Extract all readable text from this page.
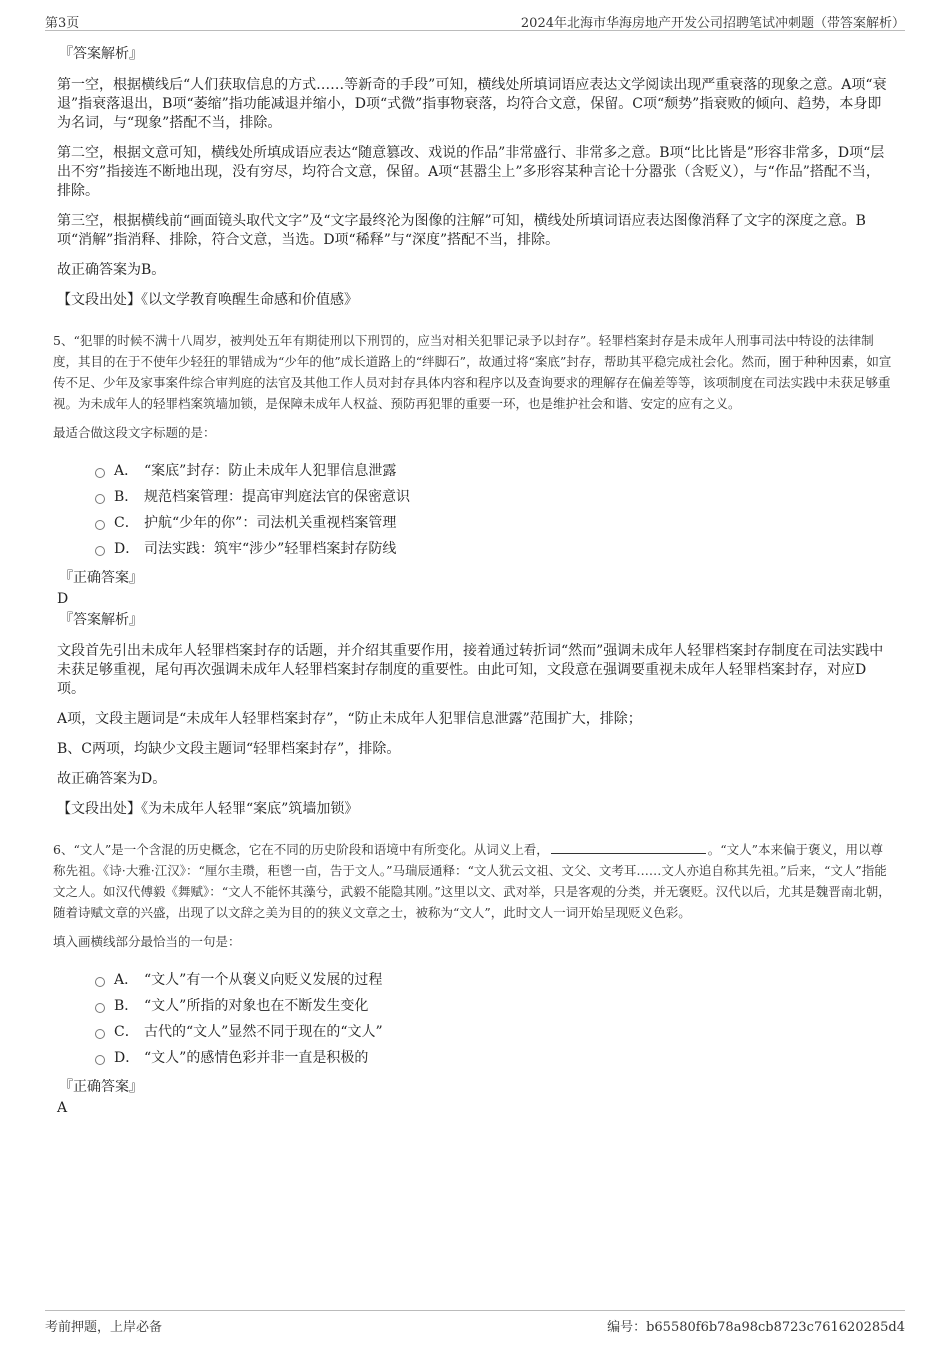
第3页	2024年北海市华海房地产开发公司招聘笔试冲刺题（带答案解析）
『答案解析』

第一空，根据横线后“人们获取信息的方式……等新奇的手段”可知，横线处所填词语应表达文学阅读出现严重衰落的现象之意。A项“衰退”指衰落退出，B项“萎缩”指功能减退并缩小，D项“式微”指事物衰落，均符合文意，保留。C项“颓势”指衰败的倾向、趋势，本身即为名词，与“现象”搭配不当，排除。

第二空，根据文意可知，横线处所填成语应表达“随意篡改、戏说的作品”非常盛行、非常多之意。B项“比比皆是”形容非常多，D项“层出不穷”指接连不断地出现，没有穷尽，均符合文意，保留。A项“甚嚣尘上”多形容某种言论十分嚣张（含贬义），与“作品”搭配不当，排除。

第三空，根据横线前“画面镜头取代文字”及“文字最终沦为图像的注解”可知，横线处所填词语应表达图像消释了文字的深度之意。B项“消解”指消释、排除，符合文意，当选。D项“稀释”与“深度”搭配不当，排除。

故正确答案为B。

【文段出处】《以文学教育唤醒生命感和价值感》

5、“犯罪的时候不满十八周岁，被判处五年有期徒刑以下刑罚的，应当对相关犯罪记录予以封存”。轻罪档案封存是未成年人刑事司法中特设的法律制度，其目的在于不使年少轻狂的罪错成为“少年的他”成长道路上的“绊脚石”，故通过将“案底”封存，帮助其平稳完成社会化。然而，囿于种种因素，如宣传不足、少年及家事案件综合审判庭的法官及其他工作人员对封存具体内容和程序以及查询要求的理解存在偏差等等，该项制度在司法实践中未获足够重视。为未成年人的轻罪档案筑墙加锁，是保障未成年人权益、预防再犯罪的重要一环，也是维护社会和谐、安定的应有之义。

最适合做这段文字标题的是：

A． “案底”封存：防止未成年人犯罪信息泄露
B． 规范档案管理：提高审判庭法官的保密意识
C． 护航“少年的你”：司法机关重视档案管理
D． 司法实践：筑牢“涉少”轻罪档案封存防线
『正确答案』
D
『答案解析』

文段首先引出未成年人轻罪档案封存的话题，并介绍其重要作用，接着通过转折词“然而”强调未成年人轻罪档案封存制度在司法实践中未获足够重视，尾句再次强调未成年人轻罪档案封存制度的重要性。由此可知，文段意在强调要重视未成年人轻罪档案封存，对应D项。

A项，文段主题词是“未成年人轻罪档案封存”，“防止未成年人犯罪信息泄露”范围扩大，排除；

B、C两项，均缺少文段主题词“轻罪档案封存”，排除。

故正确答案为D。

【文段出处】《为未成年人轻罪“案底”筑墙加锁》

6、“文人”是一个含混的历史概念，它在不同的历史阶段和语境中有所变化。从词义上看，	。“文人”本来偏于褒义，用以尊称先祖。《诗·大雅·江汉》：“厘尔圭瓒，秬鬯一卣，告于文人。”马瑞辰通释：“文人犹云文祖、文父、文考耳……文人亦追自称其先祖。”后来，“文人”指能文之人。如汉代傅毅《舞赋》：“文人不能怀其藻兮，武毅不能隐其刚。”这里以文、武对举，只是客观的分类，并无褒贬。汉代以后，尤其是魏晋南北朝，随着诗赋文章的兴盛，出现了以文辞之美为目的的狭义文章之士，被称为“文人”，此时文人一词开始呈现贬义色彩。

填入画横线部分最恰当的一句是：

A． “文人”有一个从褒义向贬义发展的过程
B． “文人”所指的对象也在不断发生变化
C． 古代的“文人”显然不同于现在的“文人”
D． “文人”的感情色彩并非一直是积极的
『正确答案』
A
考前押题，上岸必备	编号：b65580f6b78a98cb8723c761620285d4
